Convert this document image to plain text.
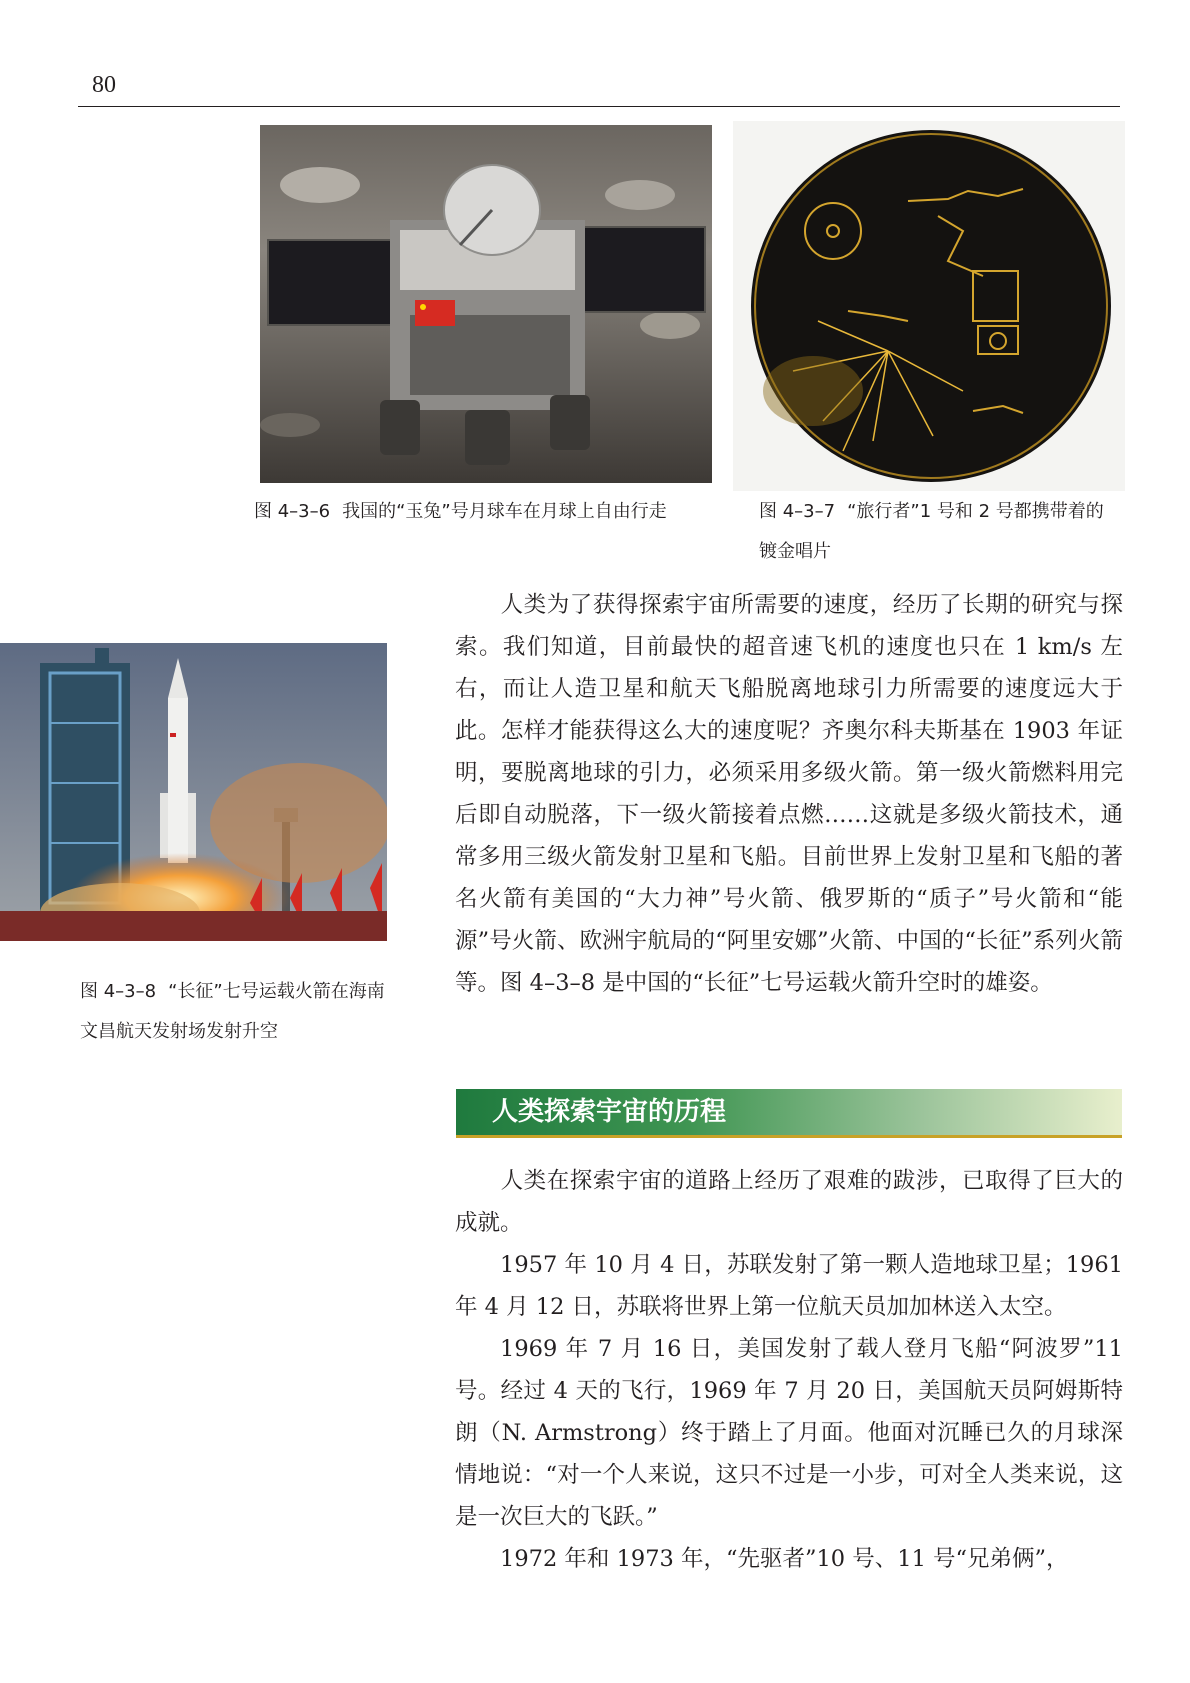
80
图 4–3–6 我国的“玉兔”号月球车在月球上自由行走	图 4–3–7 “旅行者”1 号和 2 号都携带着的镀金唱片
图 4–3–8 “长征”七号运载火箭在海南文昌航天发射场发射升空

人类为了获得探索宇宙所需要的速度，经历了长期的研究与探索。我们知道，目前最快的超音速飞机的速度也只在 1 km/s 左右，而让人造卫星和航天飞船脱离地球引力所需要的速度远大于此。怎样才能获得这么大的速度呢？齐奥尔科夫斯基在 1903 年证明，要脱离地球的引力，必须采用多级火箭。第一级火箭燃料用完后即自动脱落，下一级火箭接着点燃……这就是多级火箭技术，通常多用三级火箭发射卫星和飞船。目前世界上发射卫星和飞船的著名火箭有美国的“大力神”号火箭、俄罗斯的“质子”号火箭和“能源”号火箭、欧洲宇航局的“阿里安娜”火箭、中国的“长征”系列火箭等。图 4–3–8 是中国的“长征”七号运载火箭升空时的雄姿。

人类探索宇宙的历程

人类在探索宇宙的道路上经历了艰难的跋涉，已取得了巨大的成就。

1957 年 10 月 4 日，苏联发射了第一颗人造地球卫星；1961 年 4 月 12 日，苏联将世界上第一位航天员加加林送入太空。

1969 年 7 月 16 日，美国发射了载人登月飞船“阿波罗”11 号。经过 4 天的飞行，1969 年 7 月 20 日，美国航天员阿姆斯特朗（N. Armstrong）终于踏上了月面。他面对沉睡已久的月球深情地说：“对一个人来说，这只不过是一小步，可对全人类来说，这是一次巨大的飞跃。”

1972 年和 1973 年，“先驱者”10 号、11 号“兄弟俩”，
